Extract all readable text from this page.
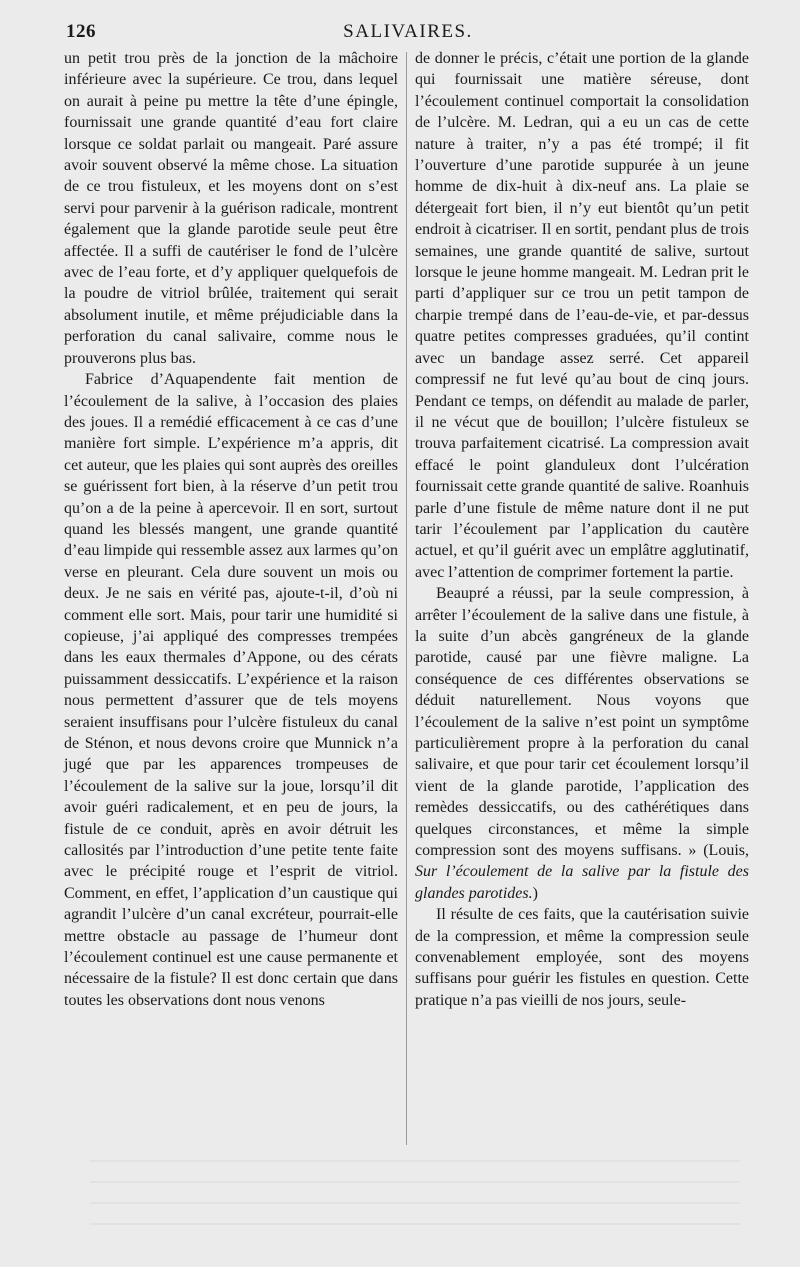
126	SALIVAIRES.

un petit trou près de la jonction de la mâchoire inférieure avec la supérieure. Ce trou, dans lequel on aurait à peine pu mettre la tête d’une épingle, fournissait une grande quantité d’eau fort claire lorsque ce soldat parlait ou mangeait. Paré assure avoir souvent observé la même chose. La situation de ce trou fistuleux, et les moyens dont on s’est servi pour parvenir à la guérison radicale, montrent également que la glande parotide seule peut être affectée. Il a suffi de cautériser le fond de l’ulcère avec de l’eau forte, et d’y appliquer quelquefois de la poudre de vitriol brûlée, traitement qui serait absolument inutile, et même préjudiciable dans la perforation du canal salivaire, comme nous le prouverons plus bas.

Fabrice d’Aquapendente fait mention de l’écoulement de la salive, à l’occasion des plaies des joues. Il a remédié efficacement à ce cas d’une manière fort simple. L’expérience m’a appris, dit cet auteur, que les plaies qui sont auprès des oreilles se guérissent fort bien, à la réserve d’un petit trou qu’on a de la peine à apercevoir. Il en sort, surtout quand les blessés mangent, une grande quantité d’eau limpide qui ressemble assez aux larmes qu’on verse en pleurant. Cela dure souvent un mois ou deux. Je ne sais en vérité pas, ajoute-t-il, d’où ni comment elle sort. Mais, pour tarir une humidité si copieuse, j’ai appliqué des compresses trempées dans les eaux thermales d’Appone, ou des cérats puissamment dessiccatifs. L’expérience et la raison nous permettent d’assurer que de tels moyens seraient insuffisans pour l’ulcère fistuleux du canal de Sténon, et nous devons croire que Munnick n’a jugé que par les apparences trompeuses de l’écoulement de la salive sur la joue, lorsqu’il dit avoir guéri radicalement, et en peu de jours, la fistule de ce conduit, après en avoir détruit les callosités par l’introduction d’une petite tente faite avec le précipité rouge et l’esprit de vitriol. Comment, en effet, l’application d’un caustique qui agrandit l’ulcère d’un canal excréteur, pourrait-elle mettre obstacle au passage de l’humeur dont l’écoulement continuel est une cause permanente et nécessaire de la fistule? Il est donc certain que dans toutes les observations dont nous venons

de donner le précis, c’était une portion de la glande qui fournissait une matière séreuse, dont l’écoulement continuel comportait la consolidation de l’ulcère. M. Ledran, qui a eu un cas de cette nature à traiter, n’y a pas été trompé; il fit l’ouverture d’une parotide suppurée à un jeune homme de dix-huit à dix-neuf ans. La plaie se détergeait fort bien, il n’y eut bientôt qu’un petit endroit à cicatriser. Il en sortit, pendant plus de trois semaines, une grande quantité de salive, surtout lorsque le jeune homme mangeait. M. Ledran prit le parti d’appliquer sur ce trou un petit tampon de charpie trempé dans de l’eau-de-vie, et par-dessus quatre petites compresses graduées, qu’il contint avec un bandage assez serré. Cet appareil compressif ne fut levé qu’au bout de cinq jours. Pendant ce temps, on défendit au malade de parler, il ne vécut que de bouillon; l’ulcère fistuleux se trouva parfaitement cicatrisé. La compression avait effacé le point glanduleux dont l’ulcération fournissait cette grande quantité de salive. Roanhuis parle d’une fistule de même nature dont il ne put tarir l’écoulement par l’application du cautère actuel, et qu’il guérit avec un emplâtre agglutinatif, avec l’attention de comprimer fortement la partie.

Beaupré a réussi, par la seule compression, à arrêter l’écoulement de la salive dans une fistule, à la suite d’un abcès gangréneux de la glande parotide, causé par une fièvre maligne. La conséquence de ces différentes observations se déduit naturellement. Nous voyons que l’écoulement de la salive n’est point un symptôme particulièrement propre à la perforation du canal salivaire, et que pour tarir cet écoulement lorsqu’il vient de la glande parotide, l’application des remèdes dessiccatifs, ou des cathérétiques dans quelques circonstances, et même la simple compression sont des moyens suffisans. » (Louis, Sur l’écoulement de la salive par la fistule des glandes parotides.)

Il résulte de ces faits, que la cautérisation suivie de la compression, et même la compression seule convenablement employée, sont des moyens suffisans pour guérir les fistules en question. Cette pratique n’a pas vieilli de nos jours, seule-
